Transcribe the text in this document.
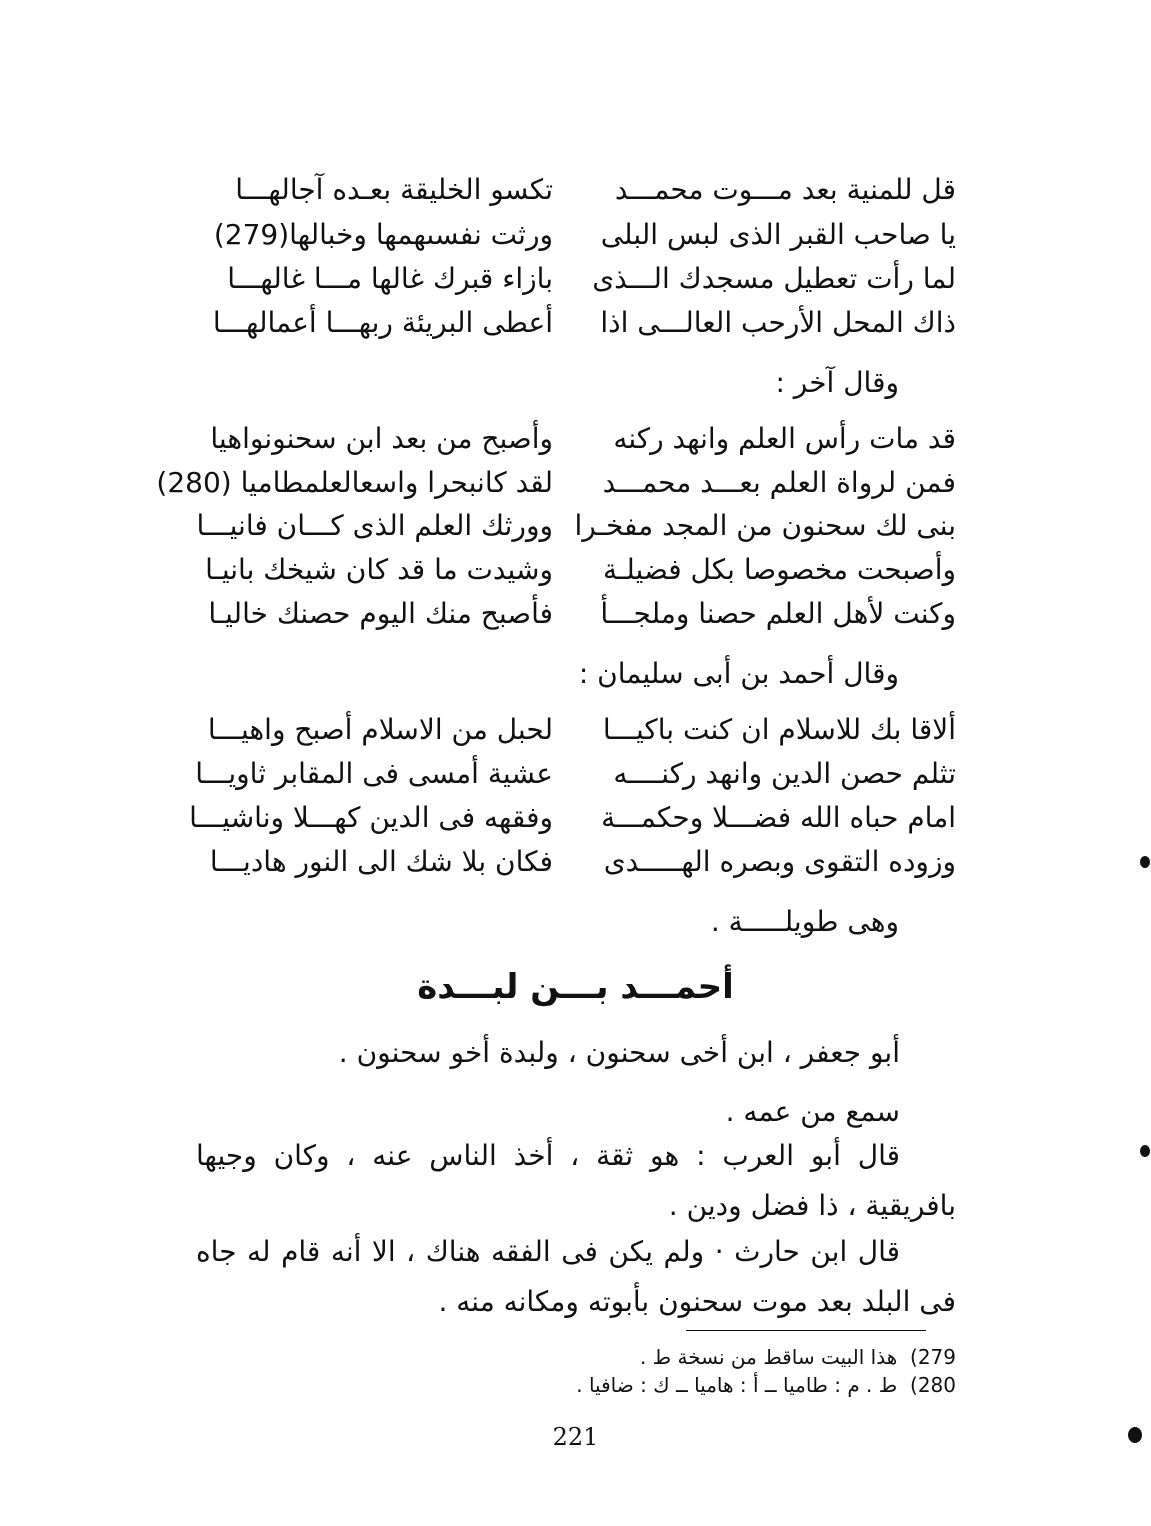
قل للمنية بعد مـــوت محمـــد
تكسو الخليقة بعـده آجالهـــا
يا صاحب القبر الذى لبس البلى
ورثت نفسىهمها وخبالها(279)
لما رأت تعطيل مسجدك الـــذى
بازاء قبرك غالها مـــا غالهـــا
ذاك المحل الأرحب العالـــى اذا
أعطى البريئة ربهـــا أعمالهـــا
وقال آخر :
قد مات رأس العلم وانهد ركنه
وأصبح من بعد ابن سحنونواهيا
فمن لرواة العلم بعـــد محمـــد
لقد كانبحرا واسعالعلمطاميا (280)
بنى لك سحنون من المجد مفخـرا
وورثك العلم الذى كـــان فانيـــا
وأصبحت مخصوصا بكل فضيلـة
وشيدت ما قد كان شيخك بانيـا
وكنت لأهل العلم حصنا وملجـــأ
فأصبح منك اليوم حصنك خاليـا
وقال أحمد بن أبى سليمان :
ألاقا بك للاسلام ان كنت باكيـــا
لحبل من الاسلام أصبح واهيـــا
تثلم حصن الدين وانهد ركنــــه
عشية أمسى فى المقابر ثاويـــا
امام حباه الله فضـــلا وحكمـــة
وفقهه فى الدين كهـــلا وناشيـــا
وزوده التقوى وبصره الهـــــدى
فكان بلا شك الى النور هاديـــا
وهى طويلـــــة .
أحمـــد بـــن لبـــدة
أبو جعفر ، ابن أخى سحنون ، ولبدة أخو سحنون .
سمع من عمه .
قال أبو العرب : هو ثقة ، أخذ الناس عنه ، وكان وجيها بافريقية ، ذا فضل ودين .
قال ابن حارث · ولم يكن فى الفقه هناك ، الا أنه قام له جاه فى البلد بعد موت سحنون بأبوته ومكانه منه .
279)  هذا البيت ساقط من نسخة ط .
280)  ط . م : طاميا ــ أ : هاميا ــ ك : ضافيا .
221
